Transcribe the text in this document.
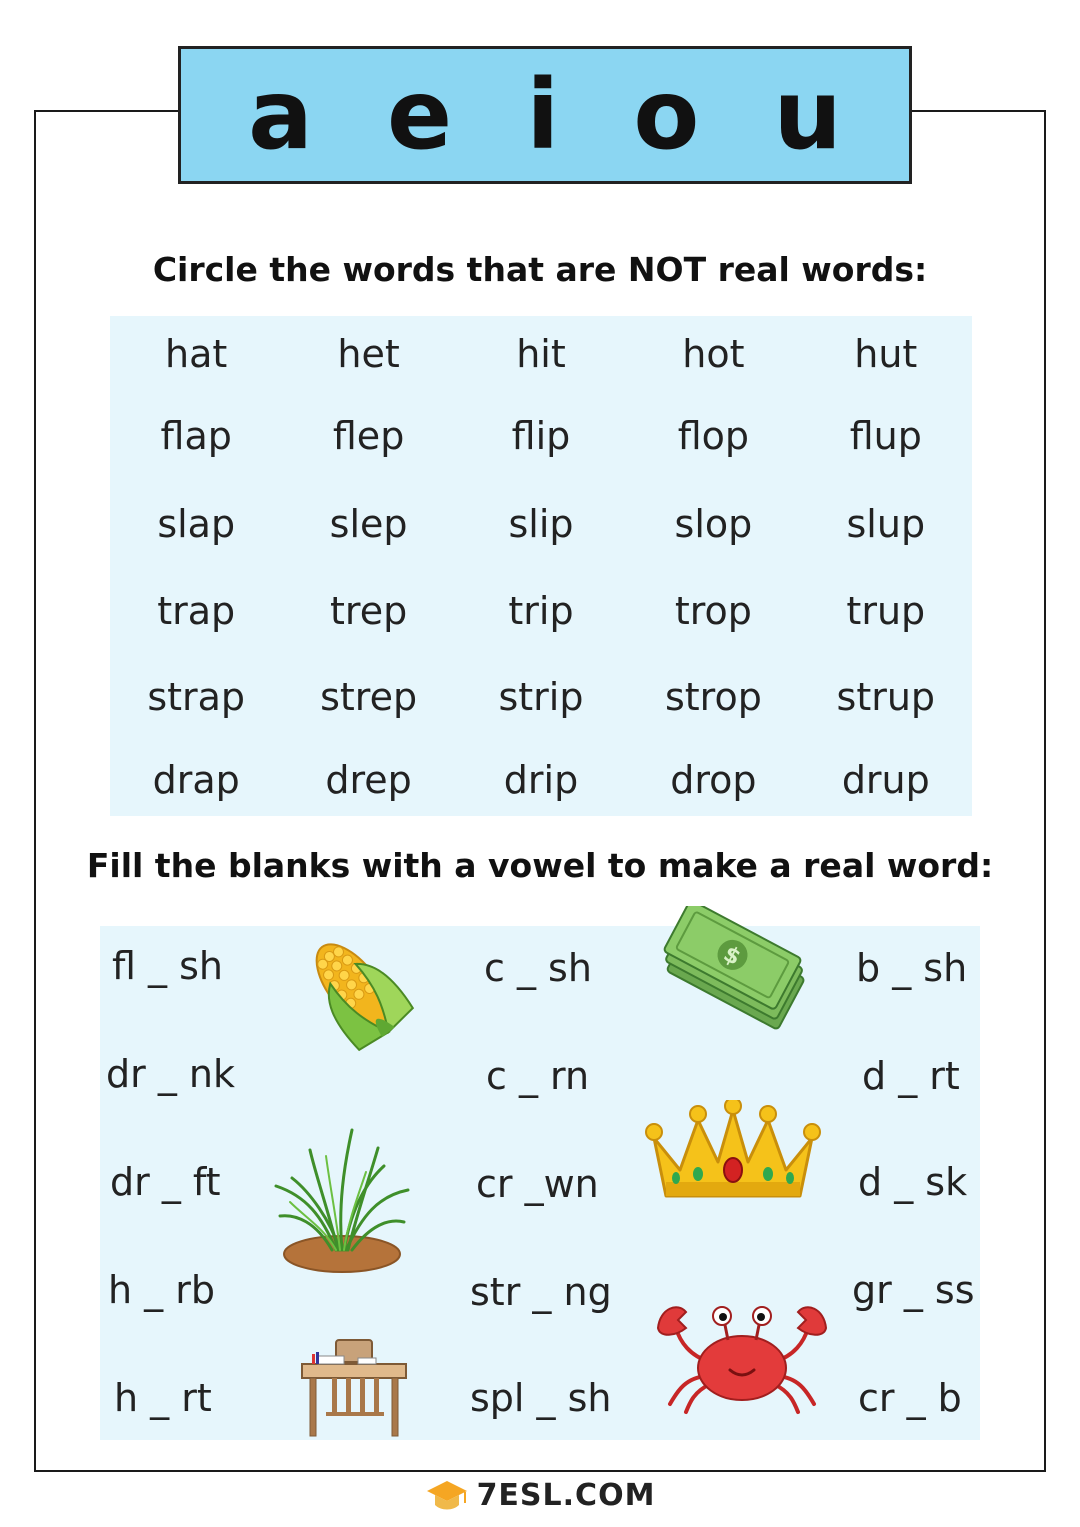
a e i o u
Circle the words that are NOT real words:
hat	het	hit	hot	hut
flap	flep	flip	flop	flup
slap	slep	slip	slop	slup
trap	trep	trip	trop	trup
strap	strep	strip	strop	strup
drap	drep	drip	drop	drup
Fill the blanks with a vowel to make a real word:
fl _ sh
dr _ nk
dr _ ft
h _ rb
h _ rt
c _ sh
c _ rn
cr _wn
str _ ng
spl _ sh
b _ sh
d _ rt
d _ sk
gr _ ss
cr _ b
$
7ESL.COM
